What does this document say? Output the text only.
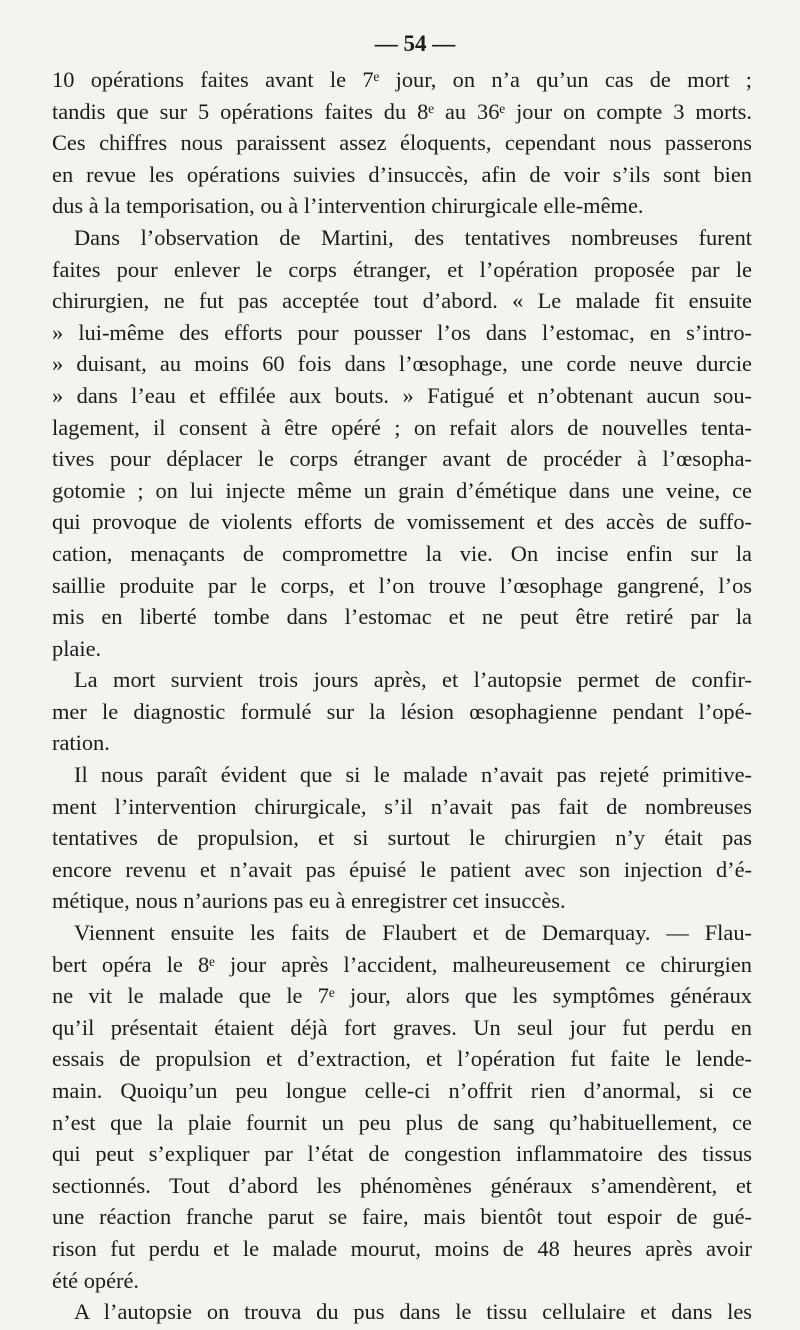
— 54 —
10 opérations faites avant le 7ᵉ jour, on n’a qu’un cas de mort ;
tandis que sur 5 opérations faites du 8ᵉ au 36ᵉ jour on compte 3 morts.
Ces chiffres nous paraissent assez éloquents, cependant nous passerons
en revue les opérations suivies d’insuccès, afin de voir s’ils sont bien
dus à la temporisation, ou à l’intervention chirurgicale elle-même.
Dans l’observation de Martini, des tentatives nombreuses furent
faites pour enlever le corps étranger, et l’opération proposée par le
chirurgien, ne fut pas acceptée tout d’abord. « Le malade fit ensuite
» lui-même des efforts pour pousser l’os dans l’estomac, en s’intro-
» duisant, au moins 60 fois dans l’œsophage, une corde neuve durcie
» dans l’eau et effilée aux bouts. » Fatigué et n’obtenant aucun sou-
lagement, il consent à être opéré ; on refait alors de nouvelles tenta-
tives pour déplacer le corps étranger avant de procéder à l’œsopha-
gotomie ; on lui injecte même un grain d’émétique dans une veine, ce
qui provoque de violents efforts de vomissement et des accès de suffo-
cation, menaçants de compromettre la vie. On incise enfin sur la
saillie produite par le corps, et l’on trouve l’œsophage gangrené, l’os
mis en liberté tombe dans l’estomac et ne peut être retiré par la
plaie.
La mort survient trois jours après, et l’autopsie permet de confir-
mer le diagnostic formulé sur la lésion œsophagienne pendant l’opé-
ration.
Il nous paraît évident que si le malade n’avait pas rejeté primitive-
ment l’intervention chirurgicale, s’il n’avait pas fait de nombreuses
tentatives de propulsion, et si surtout le chirurgien n’y était pas
encore revenu et n’avait pas épuisé le patient avec son injection d’é-
métique, nous n’aurions pas eu à enregistrer cet insuccès.
Viennent ensuite les faits de Flaubert et de Demarquay. — Flau-
bert opéra le 8ᵉ jour après l’accident, malheureusement ce chirurgien
ne vit le malade que le 7ᵉ jour, alors que les symptômes généraux
qu’il présentait étaient déjà fort graves. Un seul jour fut perdu en
essais de propulsion et d’extraction, et l’opération fut faite le lende-
main. Quoiqu’un peu longue celle-ci n’offrit rien d’anormal, si ce
n’est que la plaie fournit un peu plus de sang qu’habituellement, ce
qui peut s’expliquer par l’état de congestion inflammatoire des tissus
sectionnés. Tout d’abord les phénomènes généraux s’amendèrent, et
une réaction franche parut se faire, mais bientôt tout espoir de gué-
rison fut perdu et le malade mourut, moins de 48 heures après avoir
été opéré.
A l’autopsie on trouva du pus dans le tissu cellulaire et dans les
